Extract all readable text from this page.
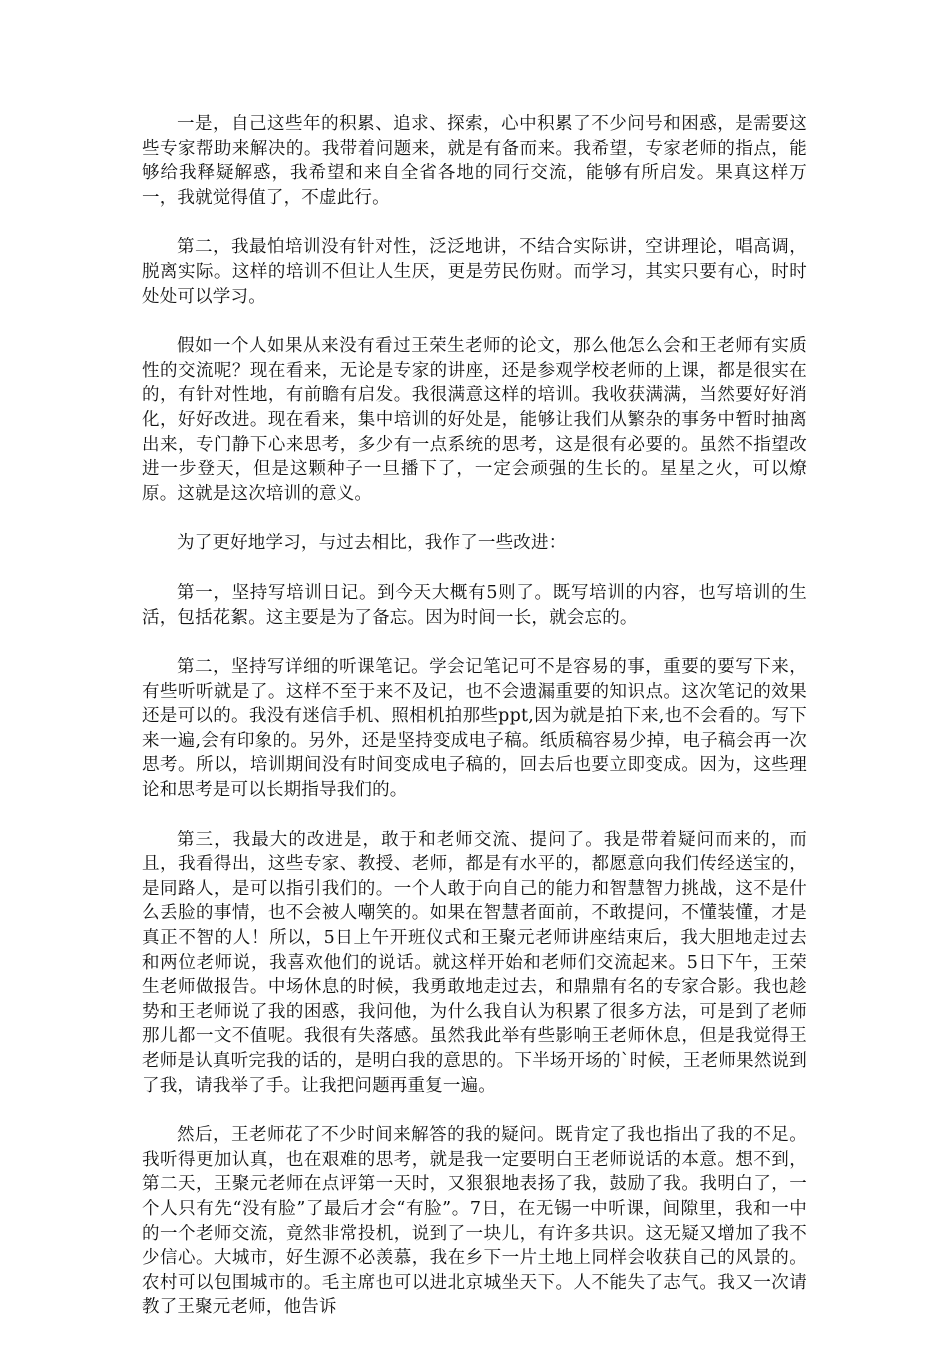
一是，自己这些年的积累、追求、探索，心中积累了不少问号和困惑，是需要这些专家帮助来解决的。我带着问题来，就是有备而来。我希望，专家老师的指点，能够给我释疑解惑，我希望和来自全省各地的同行交流，能够有所启发。果真这样万一，我就觉得值了，不虚此行。

第二，我最怕培训没有针对性，泛泛地讲，不结合实际讲，空讲理论，唱高调，脱离实际。这样的培训不但让人生厌，更是劳民伤财。而学习，其实只要有心，时时处处可以学习。

假如一个人如果从来没有看过王荣生老师的论文，那么他怎么会和王老师有实质性的交流呢？现在看来，无论是专家的讲座，还是参观学校老师的上课，都是很实在的，有针对性地，有前瞻有启发。我很满意这样的培训。我收获满满，当然要好好消化，好好改进。现在看来，集中培训的好处是，能够让我们从繁杂的事务中暂时抽离出来，专门静下心来思考，多少有一点系统的思考，这是很有必要的。虽然不指望改进一步登天，但是这颗种子一旦播下了，一定会顽强的生长的。星星之火，可以燎原。这就是这次培训的意义。

为了更好地学习，与过去相比，我作了一些改进：

第一，坚持写培训日记。到今天大概有5则了。既写培训的内容，也写培训的生活，包括花絮。这主要是为了备忘。因为时间一长，就会忘的。

第二，坚持写详细的听课笔记。学会记笔记可不是容易的事，重要的要写下来，有些听听就是了。这样不至于来不及记，也不会遗漏重要的知识点。这次笔记的效果还是可以的。我没有迷信手机、照相机拍那些ppt,因为就是拍下来,也不会看的。写下来一遍,会有印象的。另外，还是坚持变成电子稿。纸质稿容易少掉，电子稿会再一次思考。所以，培训期间没有时间变成电子稿的，回去后也要立即变成。因为，这些理论和思考是可以长期指导我们的。

第三，我最大的改进是，敢于和老师交流、提问了。我是带着疑问而来的，而且，我看得出，这些专家、教授、老师，都是有水平的，都愿意向我们传经送宝的，是同路人，是可以指引我们的。一个人敢于向自己的能力和智慧智力挑战，这不是什么丢脸的事情，也不会被人嘲笑的。如果在智慧者面前，不敢提问，不懂装懂，才是真正不智的人！所以，5日上午开班仪式和王聚元老师讲座结束后，我大胆地走过去和两位老师说，我喜欢他们的说话。就这样开始和老师们交流起来。5日下午，王荣生老师做报告。中场休息的时候，我勇敢地走过去，和鼎鼎有名的专家合影。我也趁势和王老师说了我的困惑，我问他，为什么我自认为积累了很多方法，可是到了老师那儿都一文不值呢。我很有失落感。虽然我此举有些影响王老师休息，但是我觉得王老师是认真听完我的话的，是明白我的意思的。下半场开场的`时候，王老师果然说到了我，请我举了手。让我把问题再重复一遍。

然后，王老师花了不少时间来解答的我的疑问。既肯定了我也指出了我的不足。我听得更加认真，也在艰难的思考，就是我一定要明白王老师说话的本意。想不到，第二天，王聚元老师在点评第一天时，又狠狠地表扬了我，鼓励了我。我明白了，一个人只有先“没有脸”了最后才会“有脸”。7日，在无锡一中听课，间隙里，我和一中的一个老师交流，竟然非常投机，说到了一块儿，有许多共识。这无疑又增加了我不少信心。大城市，好生源不必羡慕，我在乡下一片土地上同样会收获自己的风景的。农村可以包围城市的。毛主席也可以进北京城坐天下。人不能失了志气。我又一次请教了王聚元老师，他告诉
